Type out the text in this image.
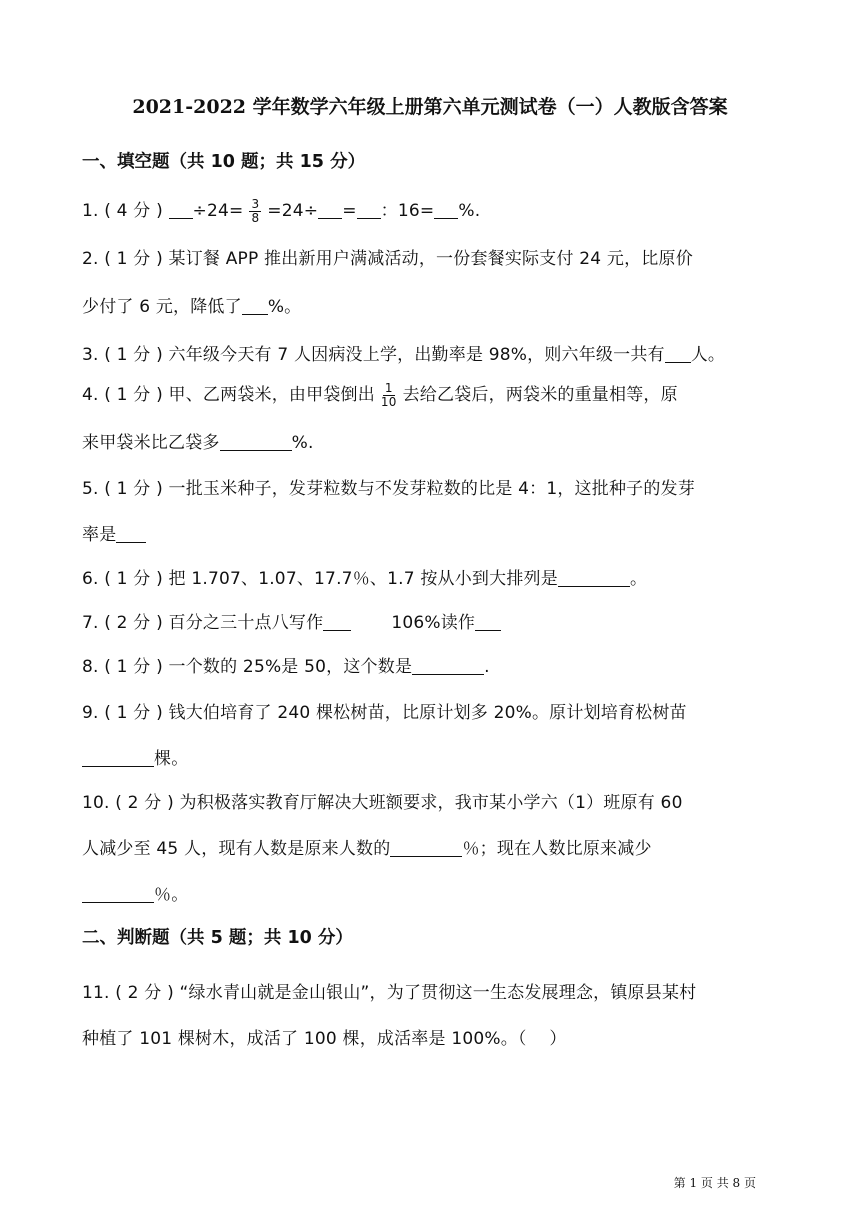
2021-2022 学年数学六年级上册第六单元测试卷（一）人教版含答案
一、填空题（共 10 题；共 15 分）
1. ( 4 分 ) $\div 24= \frac{3}{8} =24\div$ = ：16= %.
2. ( 1 分 ) 某订餐 APP 推出新用户满减活动，一份套餐实际支付 24 元，比原价
少付了 6 元，降低了 %。
3. ( 1 分 ) 六年级今天有 7 人因病没上学，出勤率是 98%，则六年级一共有 人。
4. ( 1 分 ) 甲、乙两袋米，由甲袋倒出 $\frac{1}{10}$ 去给乙袋后，两袋米的重量相等，原
来甲袋米比乙袋多	%.
5. ( 1 分 ) 一批玉米种子，发芽粒数与不发芽粒数的比是 4：1，这批种子的发芽
率是
6. ( 1 分 ) 把 1.707、1.07、17.7％、1.7 按从小到大排列是	。
7. ( 2 分 ) 百分之三十点八写作	106%读作
8. ( 1 分 ) 一个数的 25%是 50，这个数是	.
9. ( 1 分 ) 钱大伯培育了 240 棵松树苗，比原计划多 20%。原计划培育松树苗
棵。
10. ( 2 分 ) 为积极落实教育厅解决大班额要求，我市某小学六（1）班原有 60
人减少至 45 人，现有人数是原来人数的	％；现在人数比原来减少
％。
二、判断题（共 5 题；共 10 分）
11. ( 2 分 ) “绿水青山就是金山银山”，为了贯彻这一生态发展理念，镇原县某村
种植了 101 棵树木，成活了 100 棵，成活率是 100%。（　 ）
第 1 页 共 8 页
